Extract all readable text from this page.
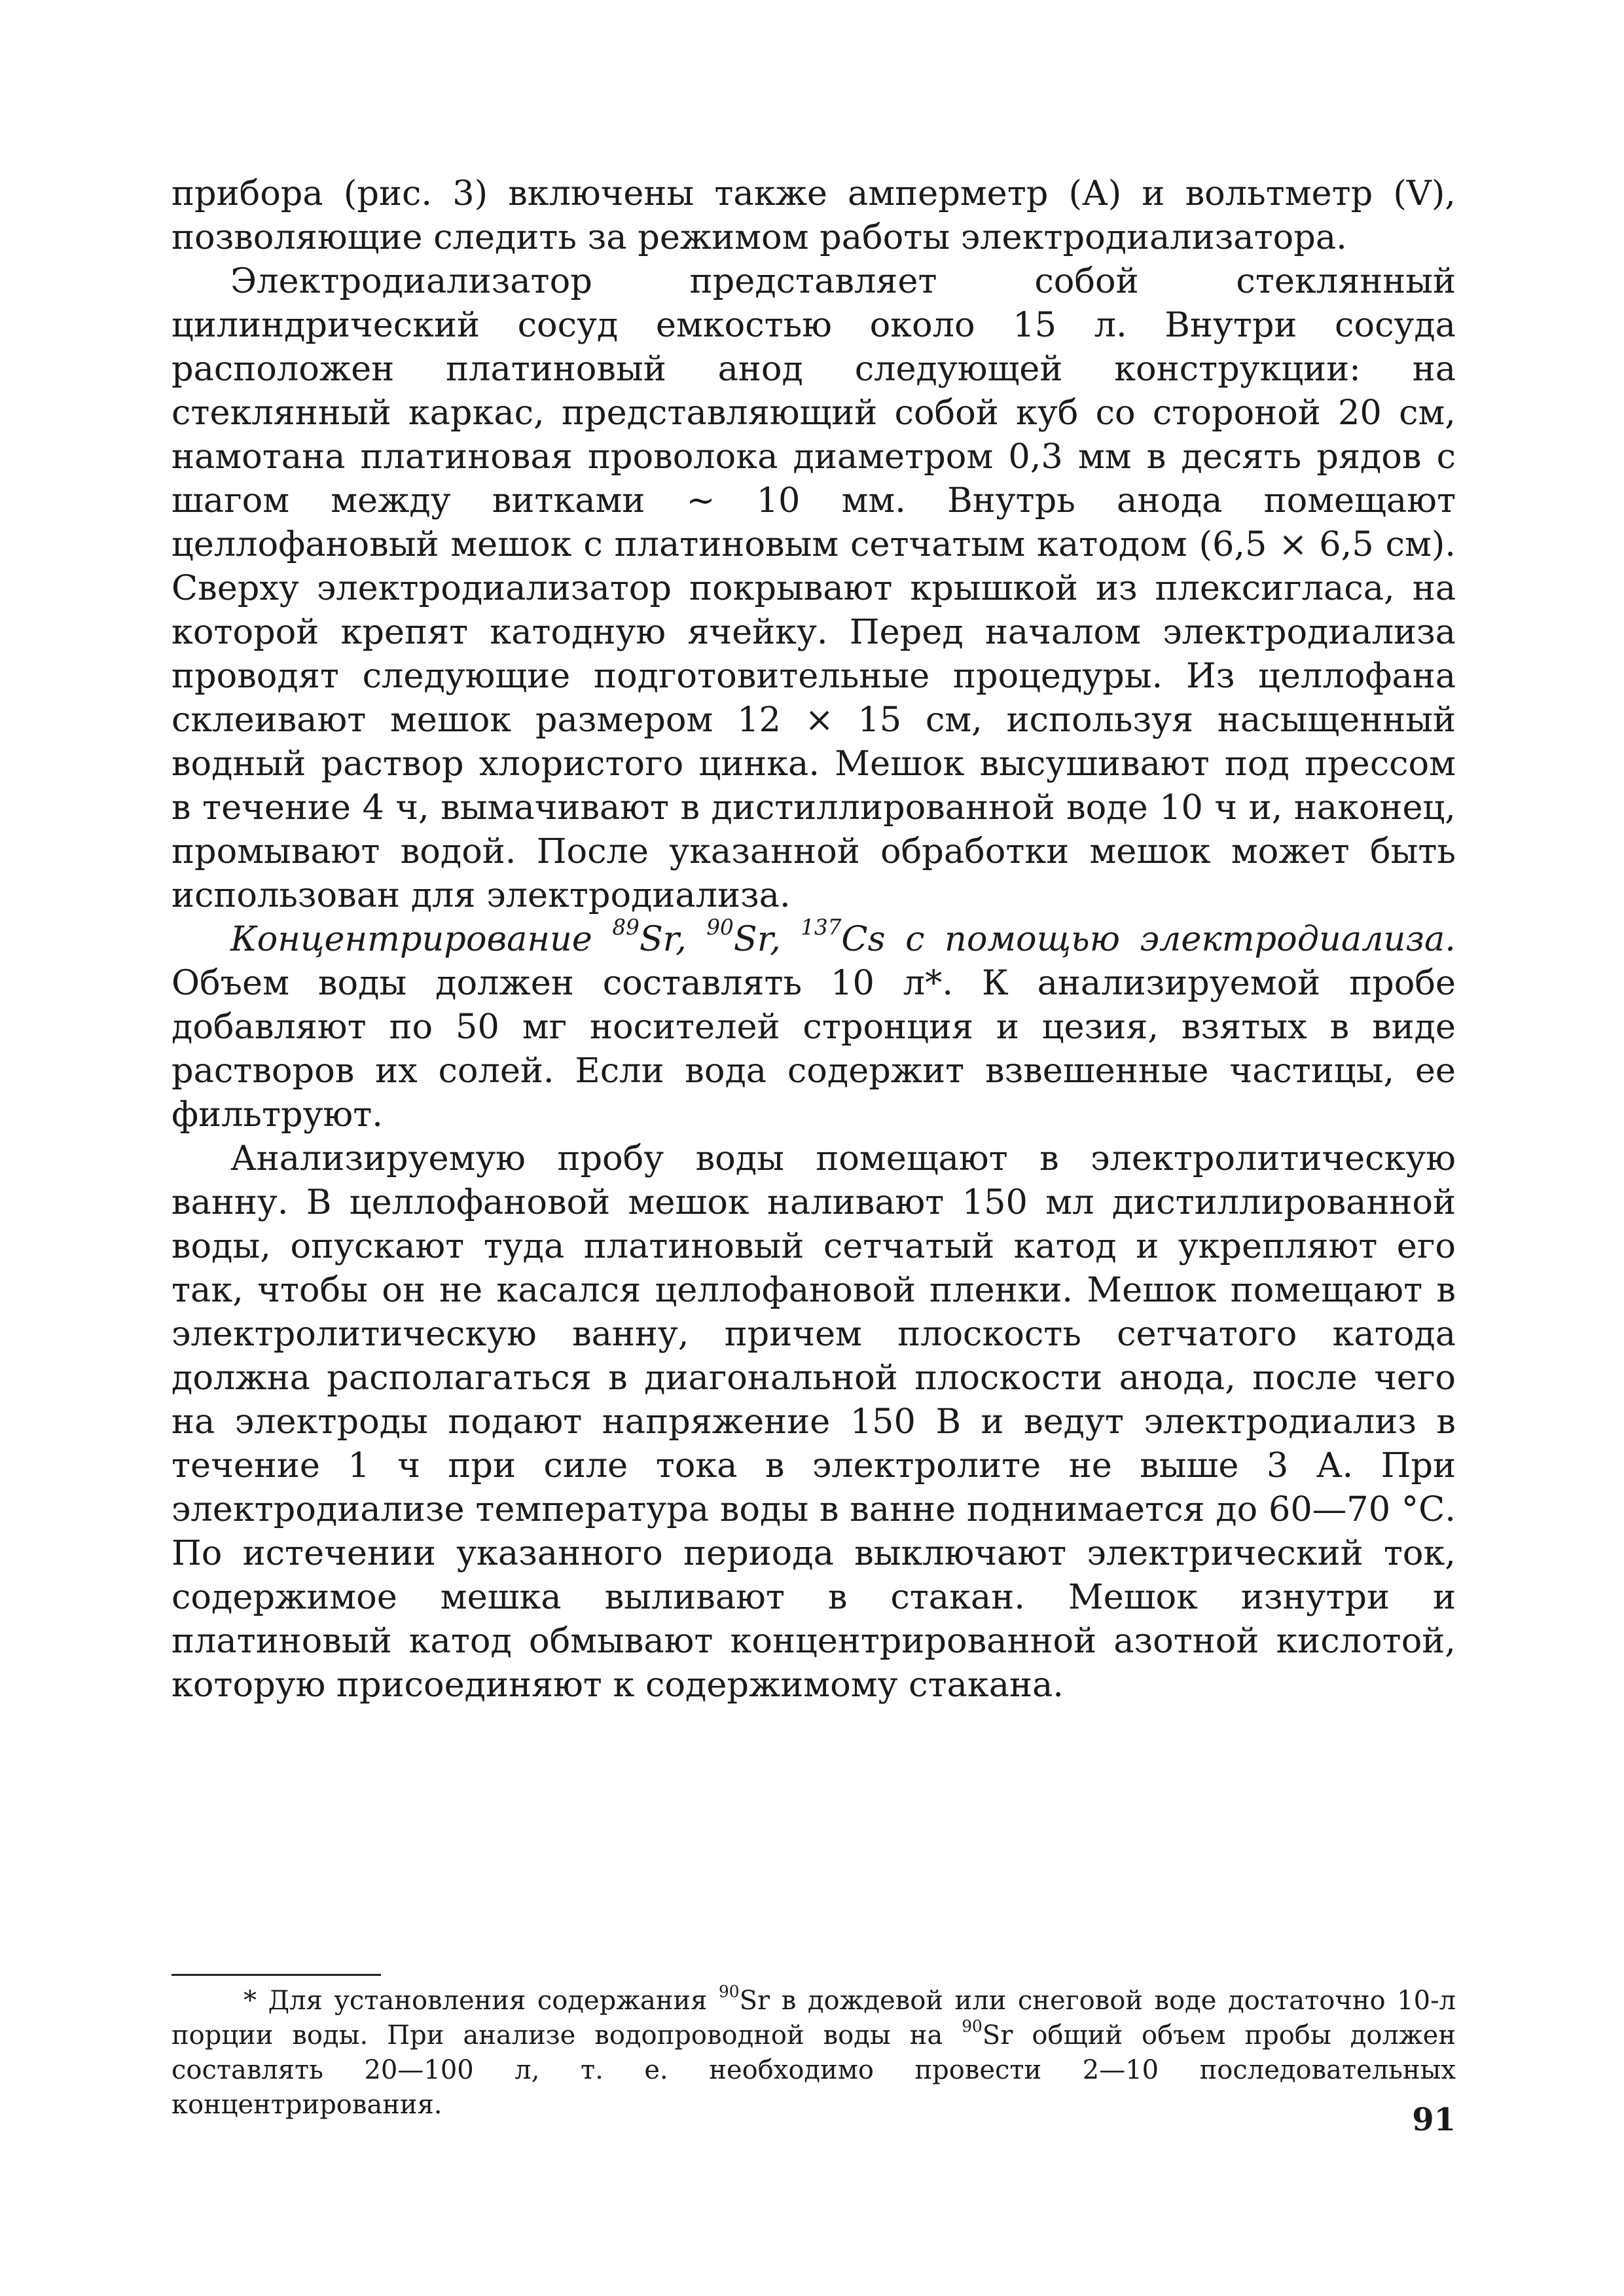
прибора (рис. 3) включены также амперметр (А) и вольтметр (V), позволяющие следить за режимом работы электродиализатора.

Электродиализатор представляет собой стеклянный цилиндрический сосуд емкостью около 15 л. Внутри сосуда расположен платиновый анод следующей конструкции: на стеклянный каркас, представляющий собой куб со стороной 20 см, намотана платиновая проволока диаметром 0,3 мм в десять рядов с шагом между витками ~ 10 мм. Внутрь анода помещают целлофановый мешок с платиновым сетчатым катодом (6,5 × 6,5 см). Сверху электродиализатор покрывают крышкой из плексигласа, на которой крепят катодную ячейку. Перед началом электродиализа проводят следующие подготовительные процедуры. Из целлофана склеивают мешок размером 12 × 15 см, используя насыщенный водный раствор хлористого цинка. Мешок высушивают под прессом в течение 4 ч, вымачивают в дистиллированной воде 10 ч и, наконец, промывают водой. После указанной обработки мешок может быть использован для электродиализа.

Концентрирование $^{89}$Sr, $^{90}$Sr, $^{137}$Cs с помощью электродиализа. Объем воды должен составлять 10 л*. К анализируемой пробе добавляют по 50 мг носителей стронция и цезия, взятых в виде растворов их солей. Если вода содержит взвешенные частицы, ее фильтруют.

Анализируемую пробу воды помещают в электролитическую ванну. В целлофановой мешок наливают 150 мл дистиллированной воды, опускают туда платиновый сетчатый катод и укрепляют его так, чтобы он не касался целлофановой пленки. Мешок помещают в электролитическую ванну, причем плоскость сетчатого катода должна располагаться в диагональной плоскости анода, после чего на электроды подают напряжение 150 В и ведут электродиализ в течение 1 ч при силе тока в электролите не выше 3 А. При электродиализе температура воды в ванне поднимается до 60—70 °С. По истечении указанного периода выключают электрический ток, содержимое мешка выливают в стакан. Мешок изнутри и платиновый катод обмывают концентрированной азотной кислотой, которую присоединяют к содержимому стакана.

* Для установления содержания $^{90}$Sr в дождевой или снеговой воде достаточно 10-л порции воды. При анализе водопроводной воды на $^{90}$Sr общий объем пробы должен составлять 20—100 л, т. е. необходимо провести 2—10 последовательных концентрирования.	91
